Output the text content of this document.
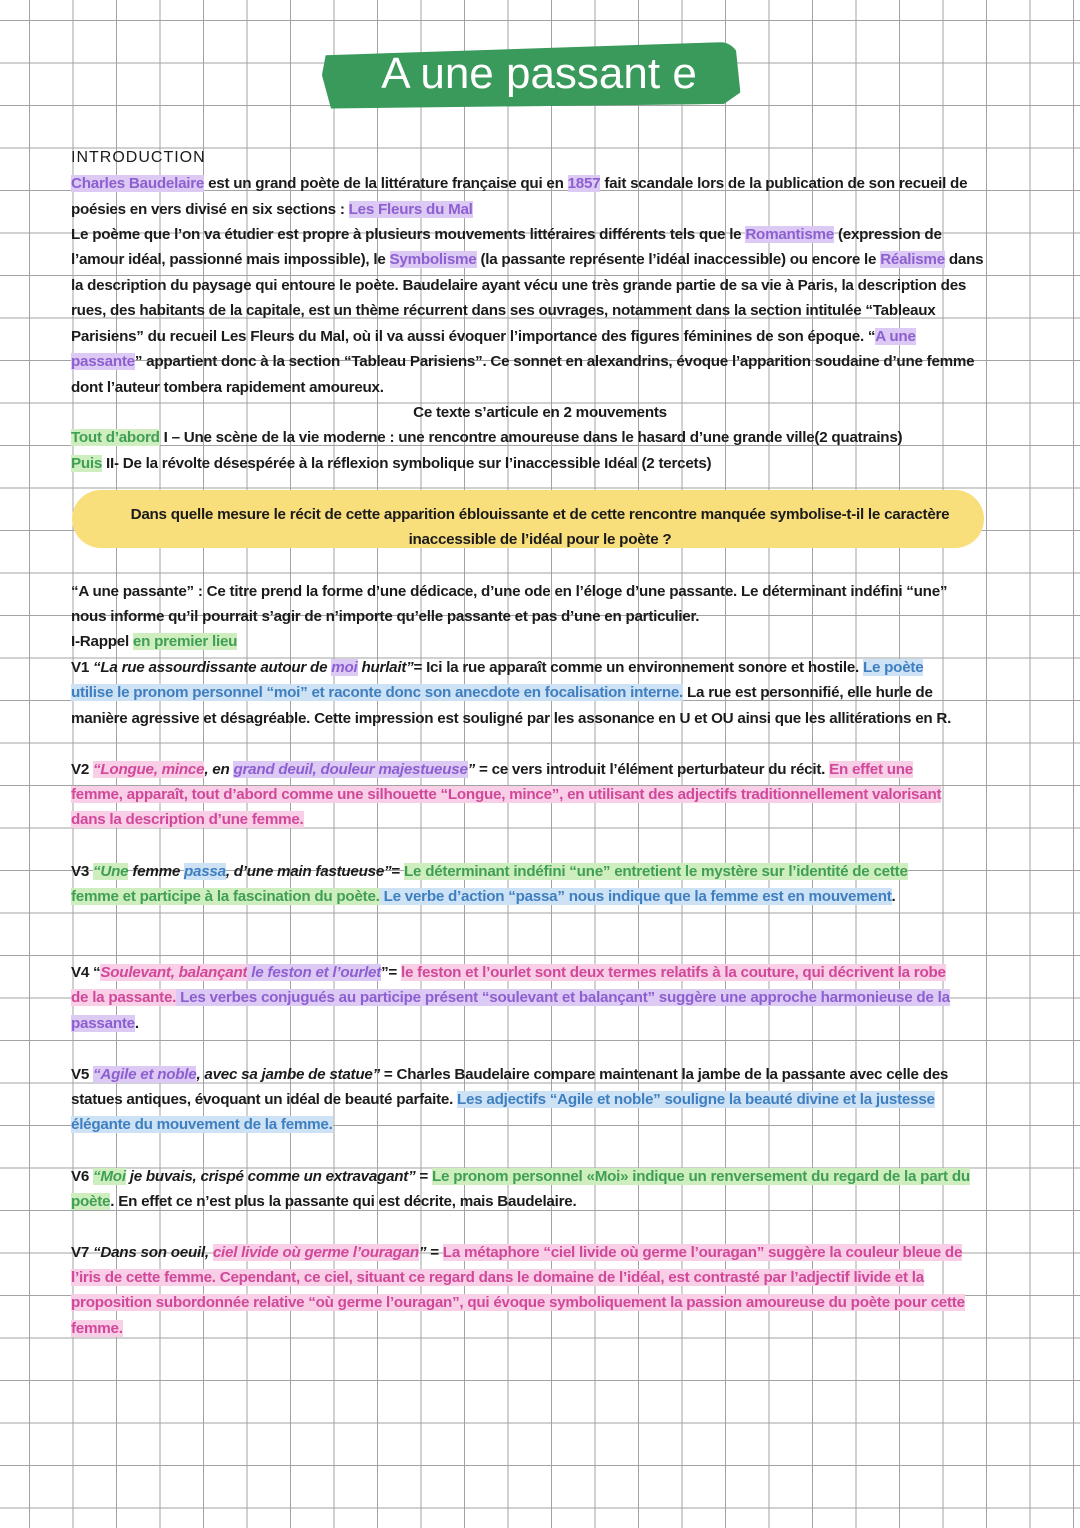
A une passant e
INTRODUCTION
Charles Baudelaire est un grand poète de la littérature française qui en 1857 fait scandale lors de la publication de son recueil de
poésies en vers divisé en six sections : Les Fleurs du Mal
Le poème que l’on va étudier est propre à plusieurs mouvements littéraires différents tels que le Romantisme (expression de
l’amour idéal, passionné mais impossible), le Symbolisme (la passante représente l’idéal inaccessible) ou encore le Réalisme dans
la description du paysage qui entoure le poète. Baudelaire ayant vécu une très grande partie de sa vie à Paris, la description des
rues, des habitants de la capitale, est un thème récurrent dans ses ouvrages, notamment dans la section intitulée “Tableaux
Parisiens” du recueil Les Fleurs du Mal, où il va aussi évoquer l’importance des figures féminines de son époque. “A une
passante” appartient donc à la section “Tableau Parisiens”. Ce sonnet en alexandrins, évoque l’apparition soudaine d’une femme
dont l’auteur tombera rapidement amoureux.
Ce texte s’articule en 2 mouvements
Tout d’abord I – Une scène de la vie moderne : une rencontre amoureuse dans le hasard d’une grande ville(2 quatrains)
Puis II- De la révolte désespérée à la réflexion symbolique sur l’inaccessible Idéal (2 tercets)
Dans quelle mesure le récit de cette apparition éblouissante et de cette rencontre manquée symbolise-t-il le caractère
inaccessible de l’idéal pour le poète ?
“A une passante” : Ce titre prend la forme d’une dédicace, d’une ode en l’éloge d’une passante. Le déterminant indéfini “une”
nous informe qu’il pourrait s’agir de n’importe qu’elle passante et pas d’une en particulier.
I-Rappel en premier lieu
V1 “La rue assourdissante autour de moi hurlait”= Ici la rue apparaît comme un environnement sonore et hostile. Le poète
utilise le pronom personnel “moi” et raconte donc son anecdote en focalisation interne. La rue est personnifié, elle hurle de
manière agressive et désagréable. Cette impression est souligné par les assonance en U et OU ainsi que les allitérations en R.
V2 “Longue, mince, en grand deuil, douleur majestueuse” = ce vers introduit l’élément perturbateur du récit. En effet une
femme, apparaît, tout d’abord comme une silhouette “Longue, mince”, en utilisant des adjectifs traditionnellement valorisant
dans la description d’une femme.
V3 “Une femme passa, d’une main fastueuse”= Le déterminant indéfini “une” entretient le mystère sur l’identité de cette
femme et participe à la fascination du poète. Le verbe d’action “passa” nous indique que la femme est en mouvement.
V4 “Soulevant, balançant le feston et l’ourlet”= le feston et l’ourlet sont deux termes relatifs à la couture, qui décrivent la robe
de la passante. Les verbes conjugués au participe présent “soulevant et balançant” suggère une approche harmonieuse de la
passante.
V5 “Agile et noble, avec sa jambe de statue” = Charles Baudelaire compare maintenant la jambe de la passante avec celle des
statues antiques, évoquant un idéal de beauté parfaite. Les adjectifs “Agile et noble” souligne la beauté divine et la justesse
élégante du mouvement de la femme.
V6 “Moi je buvais, crispé comme un extravagant” = Le pronom personnel «Moi» indique un renversement du regard de la part du
poète. En effet ce n’est plus la passante qui est décrite, mais Baudelaire.
V7 “Dans son oeuil, ciel livide où germe l’ouragan” = La métaphore “ciel livide où germe l’ouragan” suggère la couleur bleue de
l’iris de cette femme. Cependant, ce ciel, situant ce regard dans le domaine de l’idéal, est contrasté par l’adjectif livide et la
proposition subordonnée relative “où germe l’ouragan”, qui évoque symboliquement la passion amoureuse du poète pour cette
femme.
